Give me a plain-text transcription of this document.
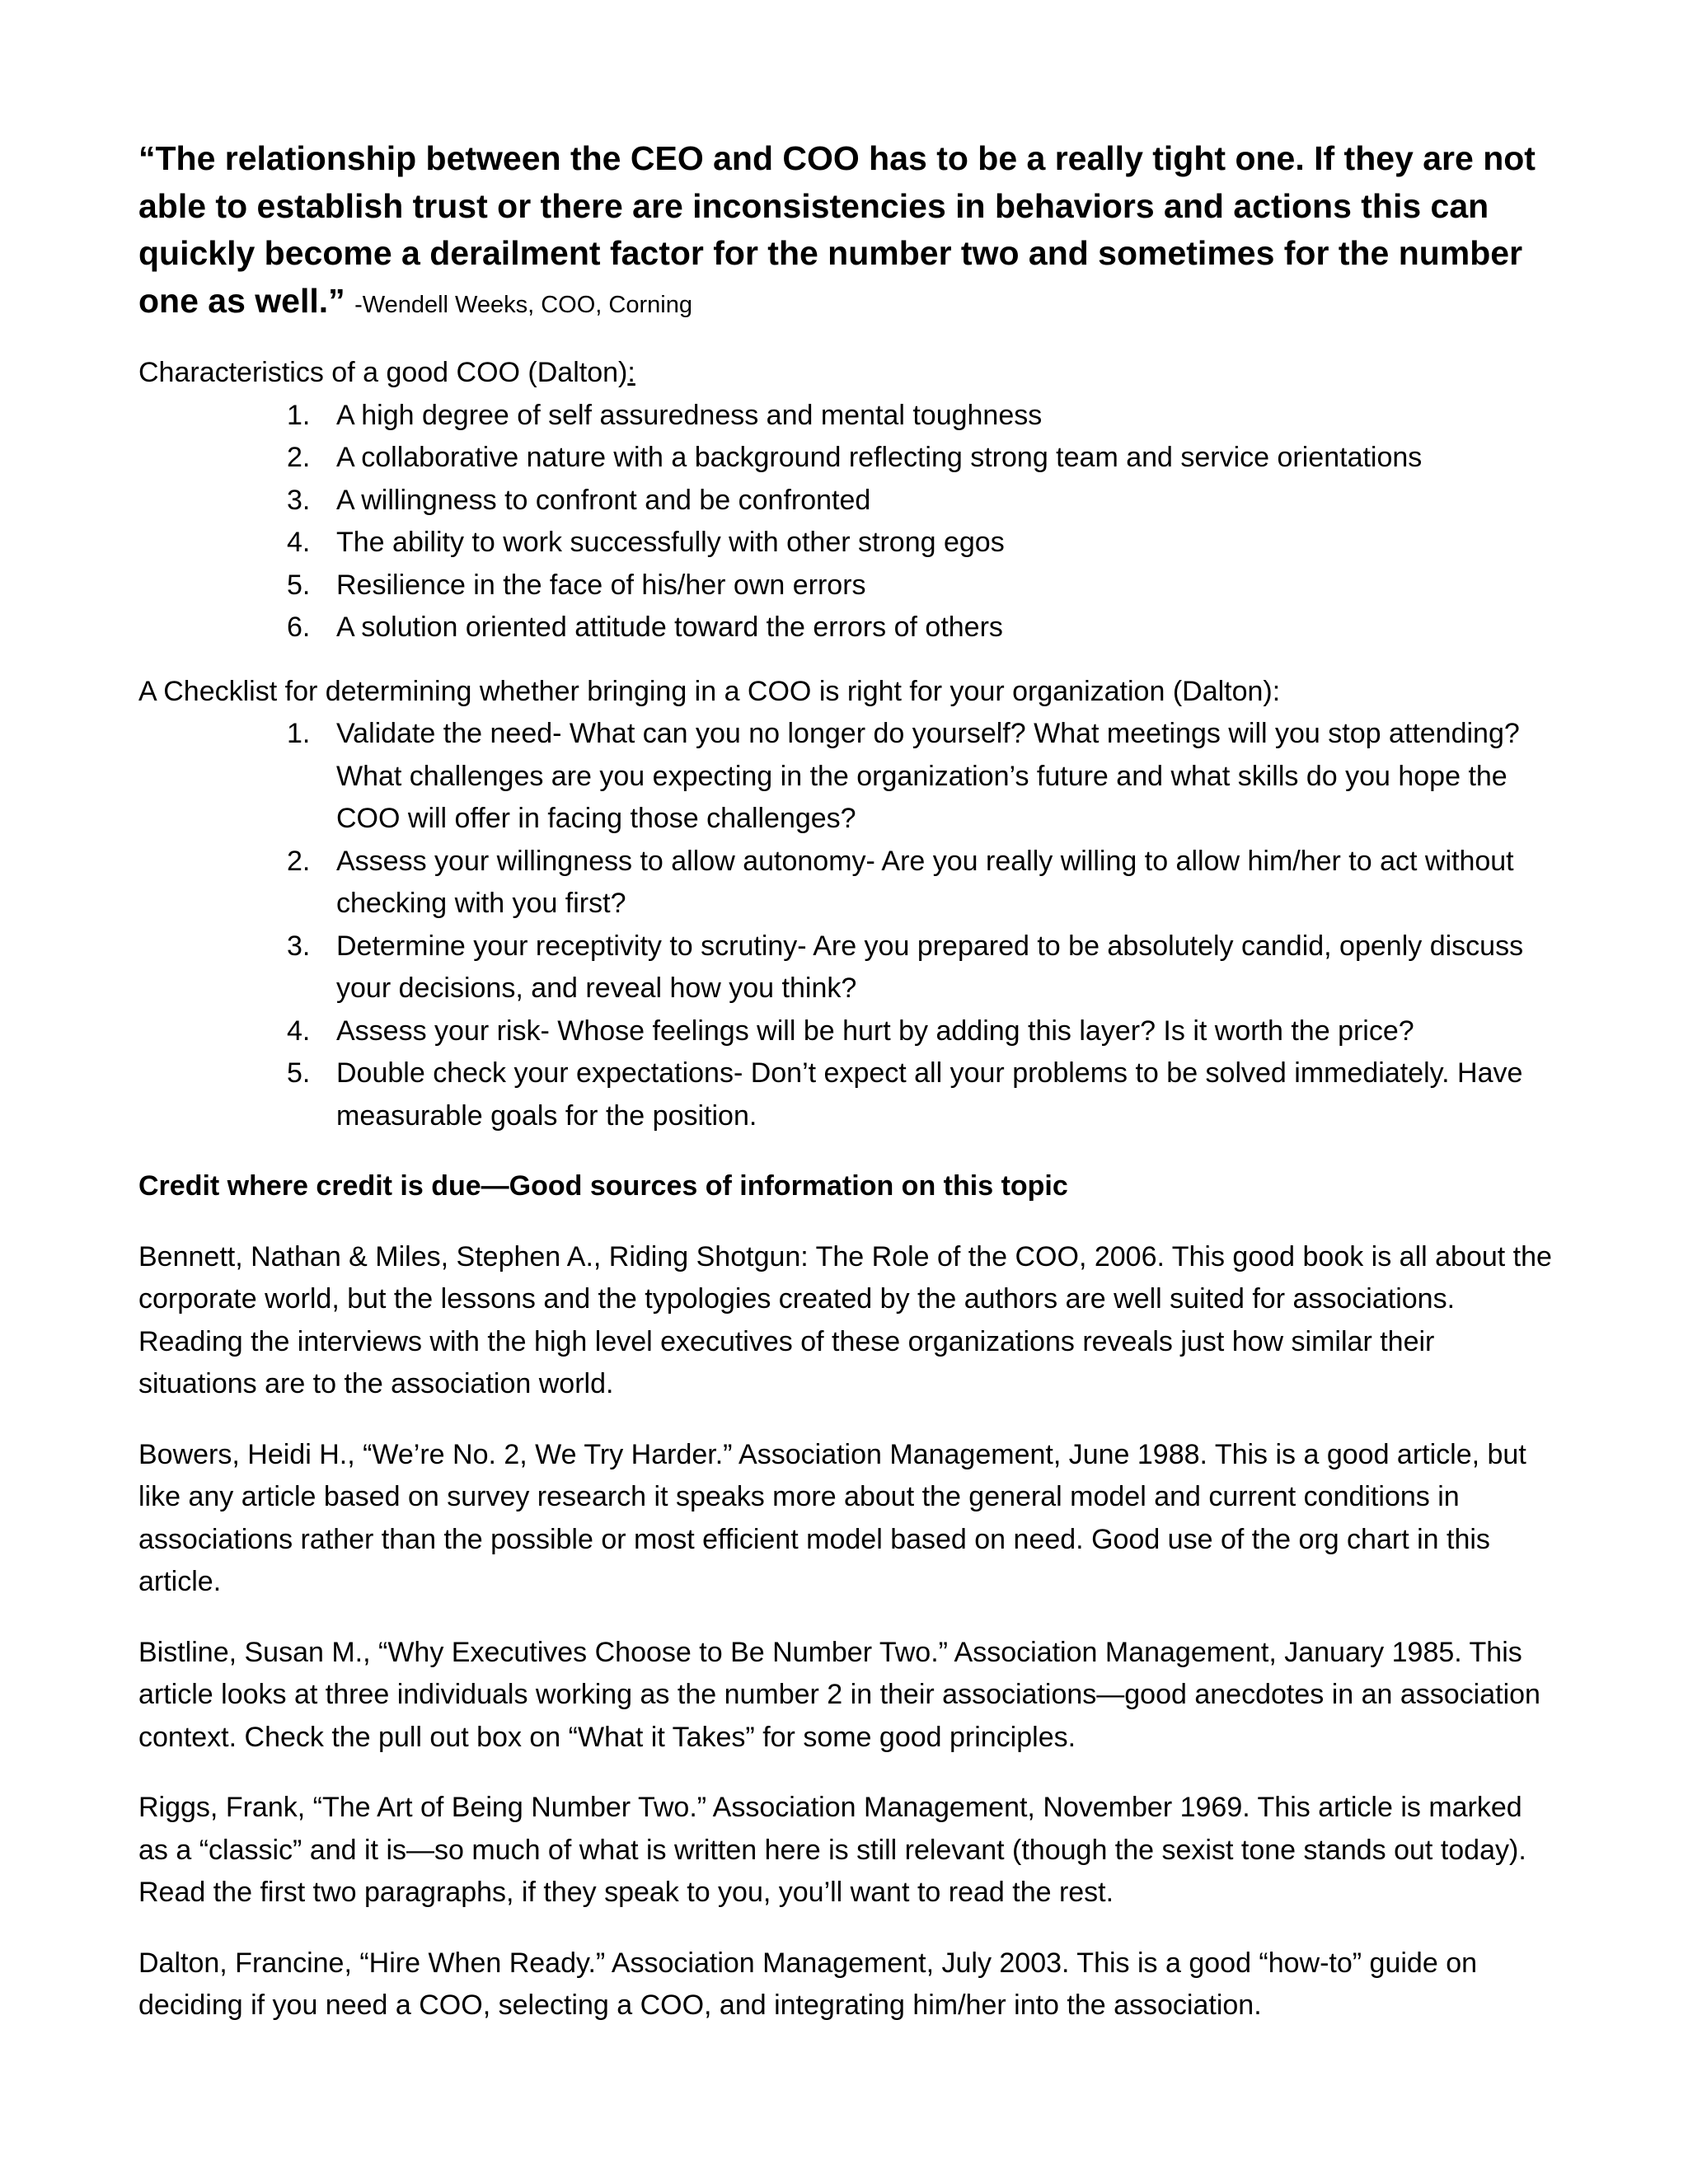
“The relationship between the CEO and COO has to be a really tight one. If they are not able to establish trust or there are inconsistencies in behaviors and actions this can quickly become a derailment factor for the number two and sometimes for the number one as well.” -Wendell Weeks, COO, Corning

Characteristics of a good COO (Dalton):

1. A high degree of self assuredness and mental toughness
2. A collaborative nature with a background reflecting strong team and service orientations
3. A willingness to confront and be confronted
4. The ability to work successfully with other strong egos
5. Resilience in the face of his/her own errors
6. A solution oriented attitude toward the errors of others

A Checklist for determining whether bringing in a COO is right for your organization (Dalton):

1. Validate the need- What can you no longer do yourself? What meetings will you stop attending? What challenges are you expecting in the organization’s future and what skills do you hope the COO will offer in facing those challenges?
2. Assess your willingness to allow autonomy- Are you really willing to allow him/her to act without checking with you first?
3. Determine your receptivity to scrutiny- Are you prepared to be absolutely candid, openly discuss your decisions, and reveal how you think?
4. Assess your risk- Whose feelings will be hurt by adding this layer? Is it worth the price?
5. Double check your expectations- Don’t expect all your problems to be solved immediately. Have measurable goals for the position.

Credit where credit is due—Good sources of information on this topic

Bennett, Nathan & Miles, Stephen A., Riding Shotgun: The Role of the COO, 2006. This good book is all about the corporate world, but the lessons and the typologies created by the authors are well suited for associations. Reading the interviews with the high level executives of these organizations reveals just how similar their situations are to the association world.

Bowers, Heidi H., “We’re No. 2, We Try Harder.” Association Management, June 1988. This is a good article, but like any article based on survey research it speaks more about the general model and current conditions in associations rather than the possible or most efficient model based on need. Good use of the org chart in this article.

Bistline, Susan M., “Why Executives Choose to Be Number Two.” Association Management, January 1985. This article looks at three individuals working as the number 2 in their associations—good anecdotes in an association context. Check the pull out box on “What it Takes” for some good principles.

Riggs, Frank, “The Art of Being Number Two.” Association Management, November 1969. This article is marked as a “classic” and it is—so much of what is written here is still relevant (though the sexist tone stands out today). Read the first two paragraphs, if they speak to you, you’ll want to read the rest.

Dalton, Francine, “Hire When Ready.” Association Management, July 2003. This is a good “how-to” guide on deciding if you need a COO, selecting a COO, and integrating him/her into the association.
